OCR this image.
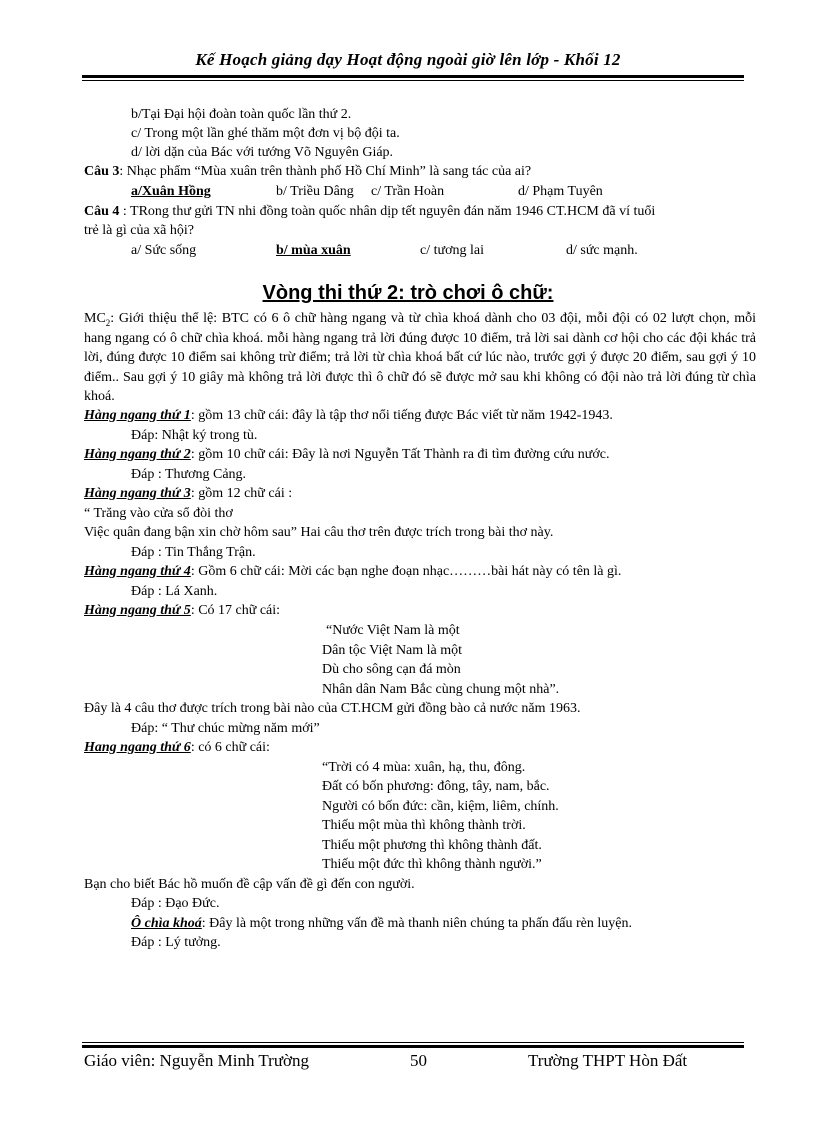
Kế Hoạch giảng dạy Hoạt động ngoài giờ lên lớp - Khối 12
b/Tại Đại hội đoàn toàn quốc lần thứ 2.
c/ Trong một lần ghé thăm một đơn vị bộ đội ta.
d/ lời dặn của Bác với tướng Võ Nguyên Giáp.
Câu 3: Nhạc phẩm “Mùa xuân trên thành phố Hồ Chí Minh” là sang tác của ai?
a/Xuân Hồng	b/ Triều Dâng c/ Trần Hoàn	d/ Phạm Tuyên
Câu 4 : TRong thư gửi TN nhi đồng toàn quốc nhân dịp tết nguyên đán năm 1946 CT.HCM đã ví tuổi
trẻ là gì của xã hội?
a/ Sức sống	b/ mùa xuân	c/ tương lai	d/ sức mạnh.
Vòng thi thứ 2: trò chơi ô chữ:
$MC_2$: Giới thiệu thể lệ: BTC có 6 ô chữ hàng ngang và từ chìa khoá dành cho 03 đội, mỗi đội có 02 lượt chọn, mỗi hang ngang có ô chữ chìa khoá. mỗi hàng ngang trả lời đúng được 10 điểm, trả lời sai dành cơ hội cho các đội khác trả lời, đúng được 10 điểm sai không trừ điểm; trả lời từ chìa khoá bất cứ lúc nào, trước gợi ý được 20 điểm, sau gợi ý 10 điểm.. Sau gợi ý 10 giây mà không trả lời được thì ô chữ đó sẽ được mở sau khi không có đội nào trả lời đúng từ chìa khoá.
Hàng ngang thứ 1: gồm 13 chữ cái: đây là tập thơ nổi tiếng được Bác viết từ năm 1942-1943.
Đáp: Nhật ký trong tù.
Hàng ngang thứ 2: gồm 10 chữ cái: Đây là nơi Nguyễn Tất Thành ra đi tìm đường cứu nước.
Đáp : Thương Cảng.
Hàng ngang thứ 3: gồm 12 chữ cái :
“ Trăng vào cửa sổ đòi thơ
Việc quân đang bận xin chờ hôm sau” Hai câu thơ trên được trích trong bài thơ này.
Đáp : Tin Thắng Trận.
Hàng ngang thứ 4: Gồm 6 chữ cái: Mời các bạn nghe đoạn nhạc………bài hát này có tên là gì.
Đáp : Lá Xanh.
Hàng ngang thứ 5: Có 17 chữ cái:
“Nước Việt Nam là một
Dân tộc Việt Nam là một
Dù cho sông cạn đá mòn
Nhân dân Nam Bắc cùng chung một nhà”.
Đây là 4 câu thơ được trích trong bài nào của CT.HCM gửi đồng bào cả nước năm 1963.
Đáp: “ Thư chúc mừng năm mới”
Hang ngang thứ 6: có 6 chữ cái:
“Trời có 4 mùa: xuân, hạ, thu, đông.
Đất có bốn phương: đông, tây, nam, bắc.
Người có bốn đức: cần, kiệm, liêm, chính.
Thiếu một mùa thì không thành trời.
Thiếu một phương thì không thành đất.
Thiếu một đức thì không thành người.”
Bạn cho biết Bác hồ muốn đề cập vấn đề gì đến con người.
Đáp : Đạo Đức.
Ô chìa khoá: Đây là một trong những vấn đề mà thanh niên chúng ta phấn đấu rèn luyện.
Đáp : Lý tưởng.
Giáo viên: Nguyễn Minh Trường	50	Trường THPT Hòn Đất
